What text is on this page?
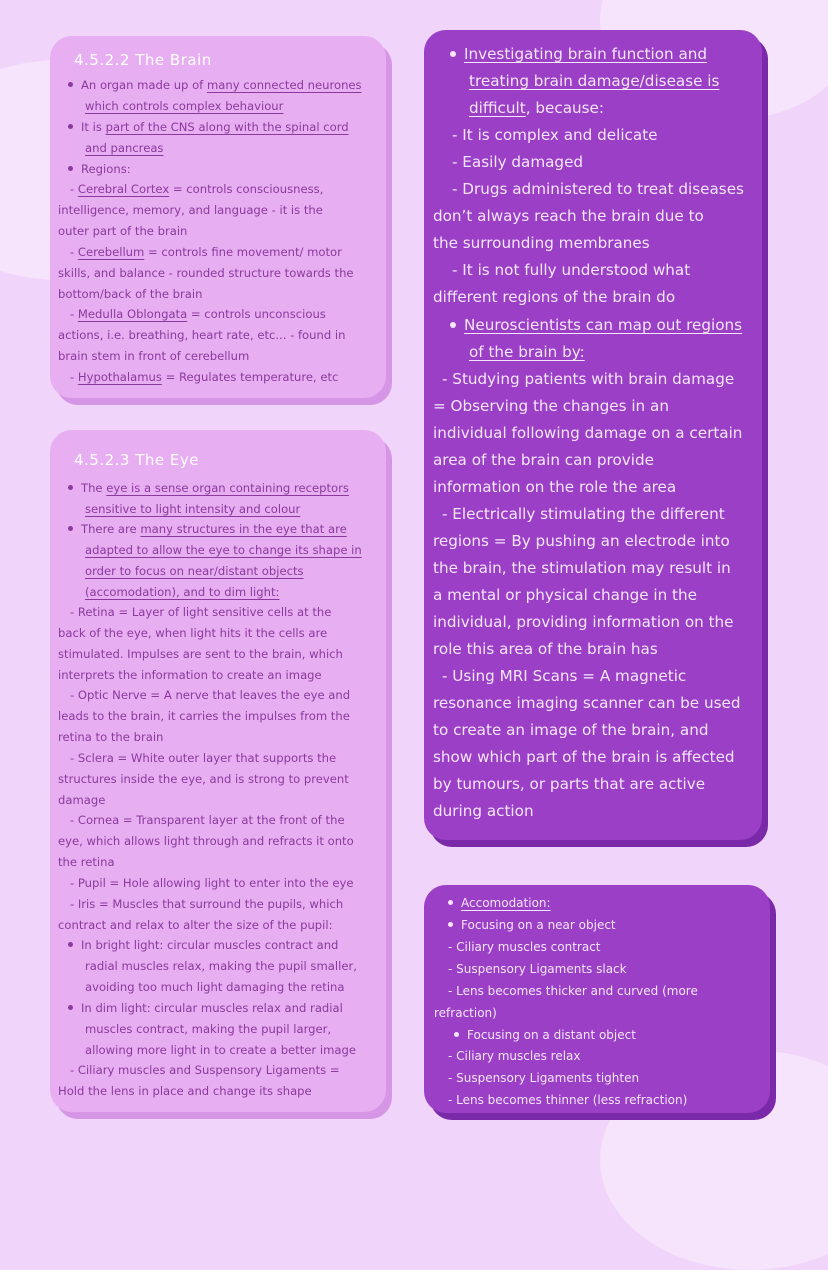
4.5.2.2 The Brain
An organ made up of many connected neurones
which controls complex behaviour
It is part of the CNS along with the spinal cord
and pancreas
Regions:
- Cerebral Cortex = controls consciousness,
intelligence, memory, and language - it is the
outer part of the brain
- Cerebellum = controls fine movement/ motor
skills, and balance - rounded structure towards the
bottom/back of the brain
- Medulla Oblongata = controls unconscious
actions, i.e. breathing, heart rate, etc... - found in
brain stem in front of cerebellum
- Hypothalamus = Regulates temperature, etc
4.5.2.3 The Eye
The eye is a sense organ containing receptors
sensitive to light intensity and colour
There are many structures in the eye that are
adapted to allow the eye to change its shape in
order to focus on near/distant objects
(accomodation), and to dim light:
- Retina = Layer of light sensitive cells at the
back of the eye, when light hits it the cells are
stimulated. Impulses are sent to the brain, which
interprets the information to create an image
- Optic Nerve = A nerve that leaves the eye and
leads to the brain, it carries the impulses from the
retina to the brain
- Sclera = White outer layer that supports the
structures inside the eye, and is strong to prevent
damage
- Cornea = Transparent layer at the front of the
eye, which allows light through and refracts it onto
the retina
- Pupil = Hole allowing light to enter into the eye
- Iris = Muscles that surround the pupils, which
contract and relax to alter the size of the pupil:
In bright light: circular muscles contract and
radial muscles relax, making the pupil smaller,
avoiding too much light damaging the retina
In dim light: circular muscles relax and radial
muscles contract, making the pupil larger,
allowing more light in to create a better image
- Ciliary muscles and Suspensory Ligaments =
Hold the lens in place and change its shape
Investigating brain function and
treating brain damage/disease is
difficult, because:
- It is complex and delicate
- Easily damaged
- Drugs administered to treat diseases
don’t always reach the brain due to
the surrounding membranes
- It is not fully understood what
different regions of the brain do
Neuroscientists can map out regions
of the brain by:
- Studying patients with brain damage
= Observing the changes in an
individual following damage on a certain
area of the brain can provide
information on the role the area
- Electrically stimulating the different
regions = By pushing an electrode into
the brain, the stimulation may result in
a mental or physical change in the
individual, providing information on the
role this area of the brain has
- Using MRI Scans = A magnetic
resonance imaging scanner can be used
to create an image of the brain, and
show which part of the brain is affected
by tumours, or parts that are active
during action
Accomodation:
Focusing on a near object
- Ciliary muscles contract
- Suspensory Ligaments slack
- Lens becomes thicker and curved (more
refraction)
Focusing on a distant object
- Ciliary muscles relax
- Suspensory Ligaments tighten
- Lens becomes thinner (less refraction)
